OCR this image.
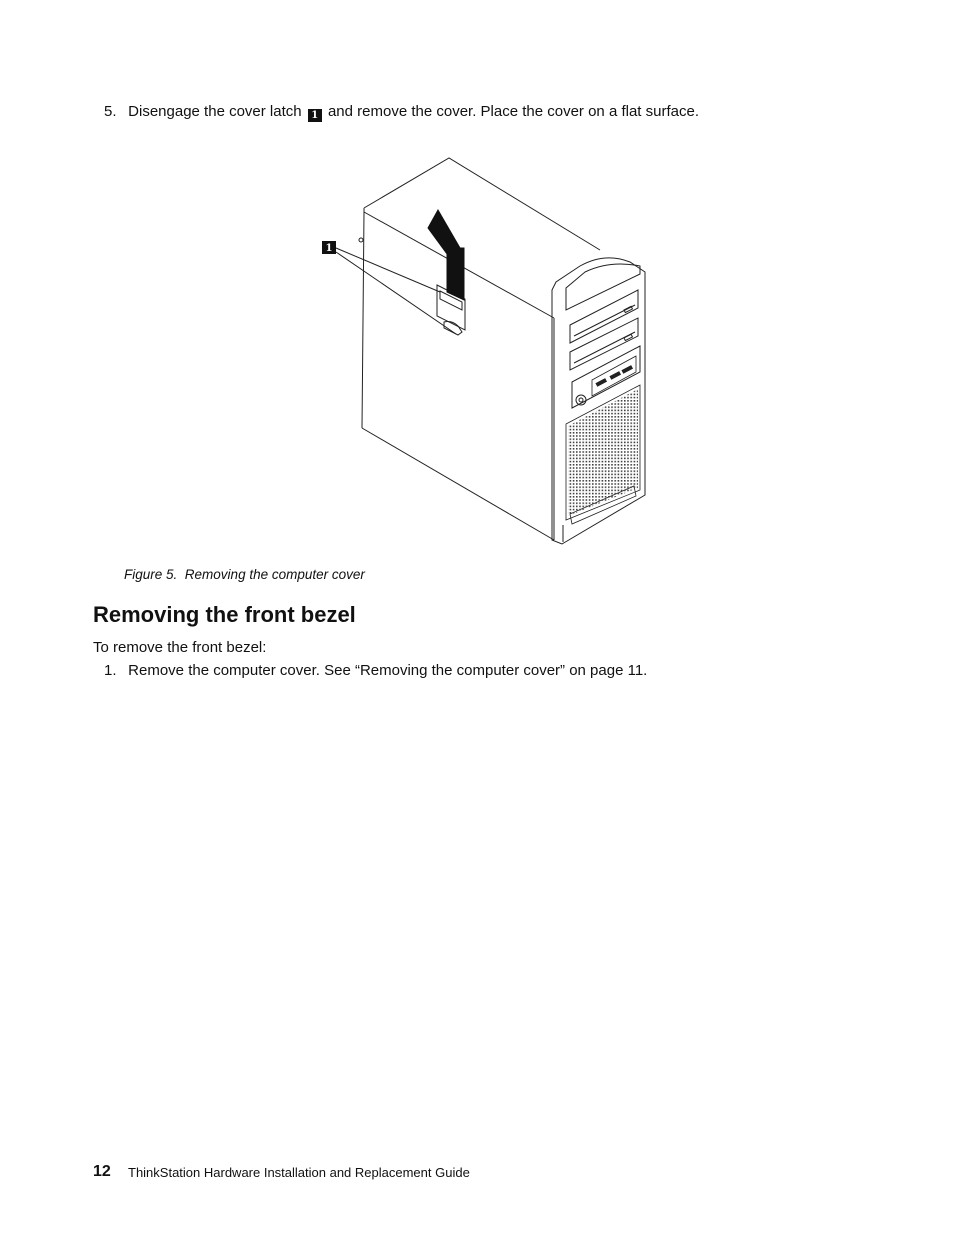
5. Disengage the cover latch 1 and remove the cover. Place the cover on a flat surface.
1
Figure 5. Removing the computer cover
Removing the front bezel
To remove the front bezel:
1. Remove the computer cover. See “Removing the computer cover” on page 11.
12 ThinkStation Hardware Installation and Replacement Guide
